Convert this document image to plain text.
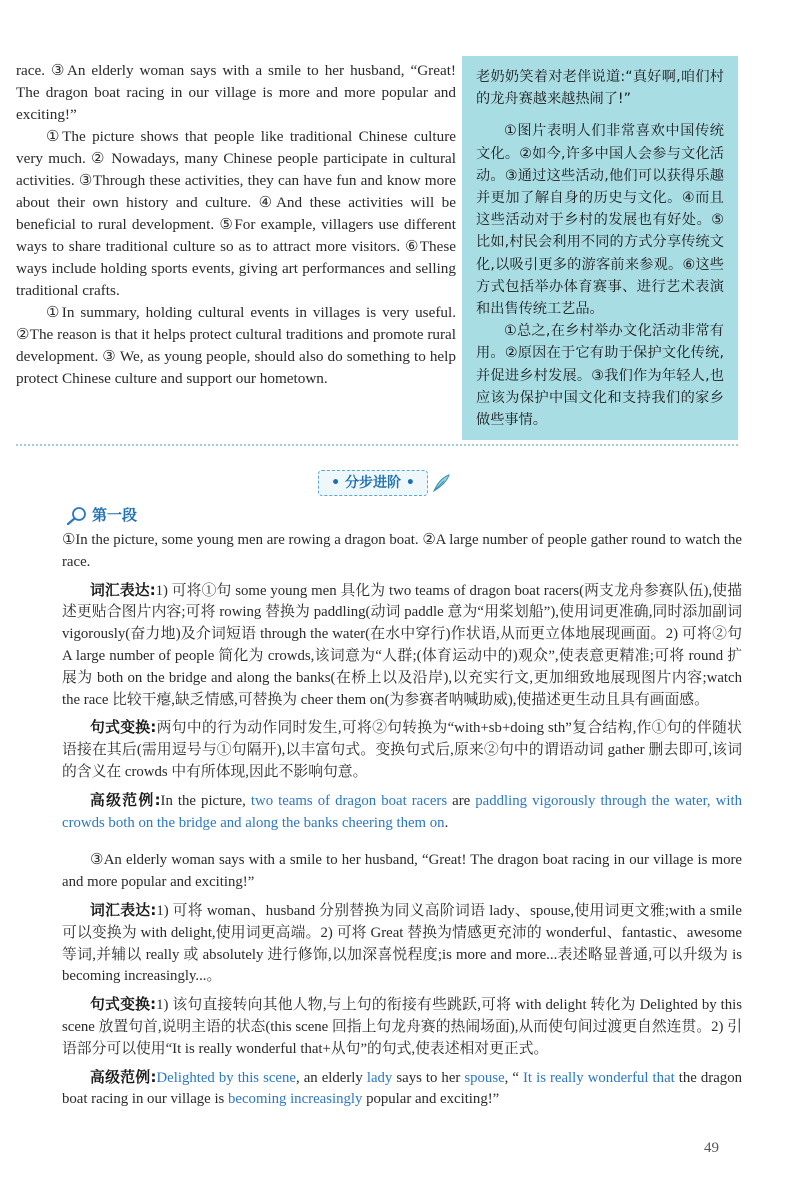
race. ③An elderly woman says with a smile to her husband, “Great! The dragon boat racing in our village is more and more popular and exciting!”

①The picture shows that people like traditional Chinese culture very much. ② Nowadays, many Chinese people participate in cultural activities. ③Through these activities, they can have fun and know more about their own history and culture. ④And these activities will be beneficial to rural development. ⑤For example, villagers use different ways to share traditional culture so as to attract more visitors. ⑥These ways include holding sports events, giving art performances and selling traditional crafts.

①In summary, holding cultural events in villages is very useful. ②The reason is that it helps protect cultural traditions and promote rural development. ③ We, as young people, should also do something to help protect Chinese culture and support our hometown.

老奶奶笑着对老伴说道:“真好啊,咱们村的龙舟赛越来越热闹了!”

①图片表明人们非常喜欢中国传统文化。②如今,许多中国人会参与文化活动。③通过这些活动,他们可以获得乐趣并更加了解自身的历史与文化。④而且这些活动对于乡村的发展也有好处。⑤比如,村民会利用不同的方式分享传统文化,以吸引更多的游客前来参观。⑥这些方式包括举办体育赛事、进行艺术表演和出售传统工艺品。

①总之,在乡村举办文化活动非常有用。②原因在于它有助于保护文化传统,并促进乡村发展。③我们作为年轻人,也应该为保护中国文化和支持我们的家乡做些事情。

• 分步进阶 •
第一段

①In the picture, some young men are rowing a dragon boat. ②A large number of people gather round to watch the race.

词汇表达:1) 可将①句 some young men 具化为 two teams of dragon boat racers(两支龙舟参赛队伍),使描述更贴合图片内容;可将 rowing 替换为 paddling(动词 paddle 意为“用桨划船”),使用词更准确,同时添加副词 vigorously(奋力地)及介词短语 through the water(在水中穿行)作状语,从而更立体地展现画面。2) 可将②句 A large number of people 简化为 crowds,该词意为“人群;(体育运动中的)观众”,使表意更精准;可将 round 扩展为 both on the bridge and along the banks(在桥上以及沿岸),以充实行文,更加细致地展现图片内容;watch the race 比较干瘪,缺乏情感,可替换为 cheer them on(为参赛者呐喊助威),使描述更生动且具有画面感。

句式变换:两句中的行为动作同时发生,可将②句转换为“with+sb+doing sth”复合结构,作①句的伴随状语接在其后(需用逗号与①句隔开),以丰富句式。变换句式后,原来②句中的谓语动词 gather 删去即可,该词的含义在 crowds 中有所体现,因此不影响句意。

高级范例:In the picture, two teams of dragon boat racers are paddling vigorously through the water, with crowds both on the bridge and along the banks cheering them on.

③An elderly woman says with a smile to her husband, “Great! The dragon boat racing in our village is more and more popular and exciting!”

词汇表达:1) 可将 woman、husband 分别替换为同义高阶词语 lady、spouse,使用词更文雅;with a smile 可以变换为 with delight,使用词更高端。2) 可将 Great 替换为情感更充沛的 wonderful、fantastic、awesome 等词,并辅以 really 或 absolutely 进行修饰,以加深喜悦程度;is more and more...表述略显普通,可以升级为 is becoming increasingly...。

句式变换:1) 该句直接转向其他人物,与上句的衔接有些跳跃,可将 with delight 转化为 Delighted by this scene 放置句首,说明主语的状态(this scene 回指上句龙舟赛的热闹场面),从而使句间过渡更自然连贯。2) 引语部分可以使用“It is really wonderful that+从句”的句式,使表述相对更正式。

高级范例:Delighted by this scene, an elderly lady says to her spouse, “ It is really wonderful that the dragon boat racing in our village is becoming increasingly popular and exciting!”

49
